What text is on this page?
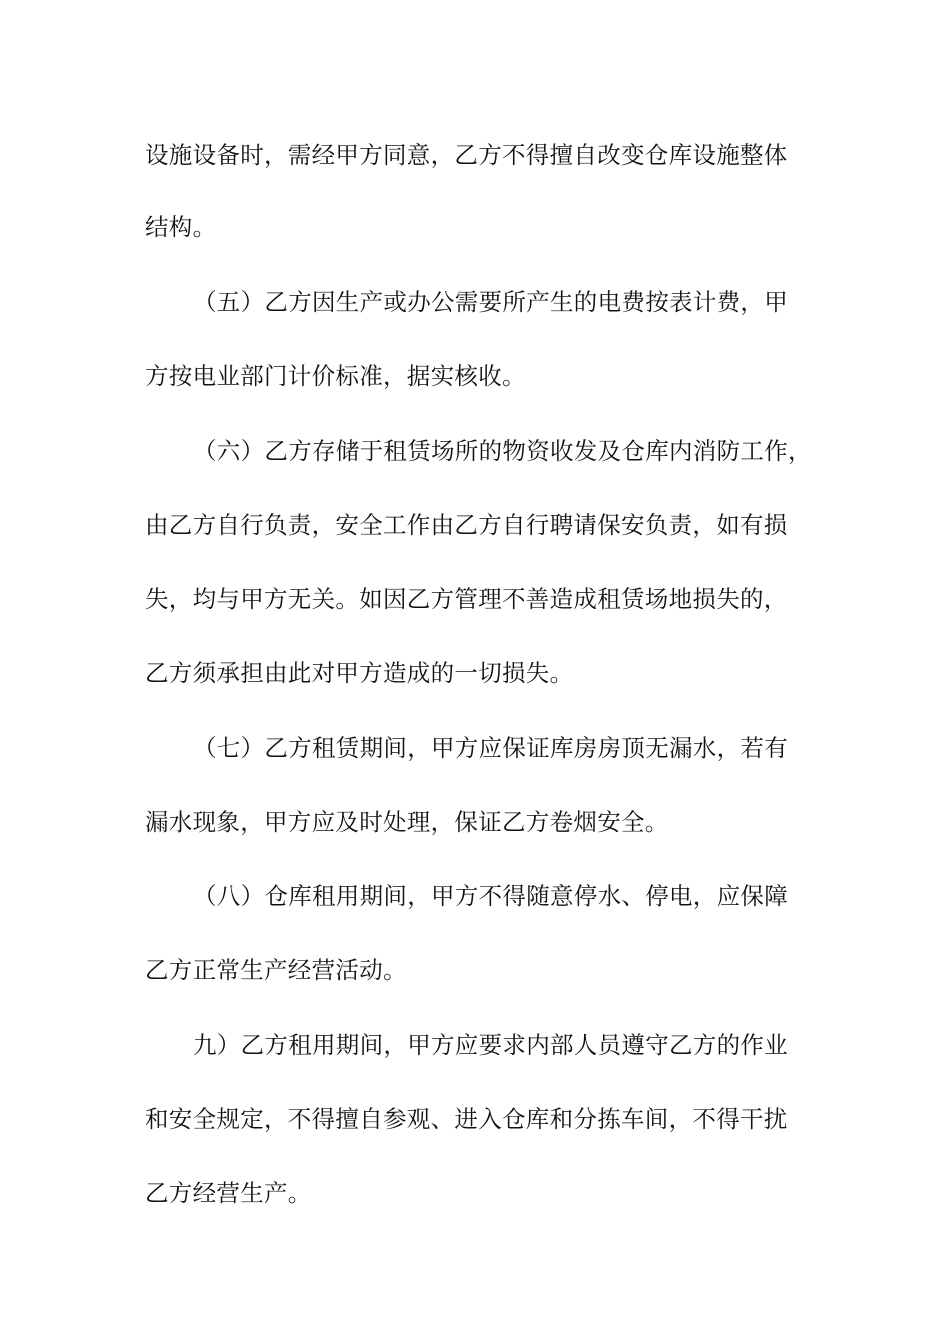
设施设备时，需经甲方同意，乙方不得擅自改变仓库设施整体

结构。

（五）乙方因生产或办公需要所产生的电费按表计费，甲

方按电业部门计价标准，据实核收。

（六）乙方存储于租赁场所的物资收发及仓库内消防工作，

由乙方自行负责，安全工作由乙方自行聘请保安负责，如有损

失，均与甲方无关。如因乙方管理不善造成租赁场地损失的，

乙方须承担由此对甲方造成的一切损失。

（七）乙方租赁期间，甲方应保证库房房顶无漏水，若有

漏水现象，甲方应及时处理，保证乙方卷烟安全。

（八）仓库租用期间，甲方不得随意停水、停电，应保障

乙方正常生产经营活动。

九）乙方租用期间，甲方应要求内部人员遵守乙方的作业

和安全规定，不得擅自参观、进入仓库和分拣车间，不得干扰

乙方经营生产。
